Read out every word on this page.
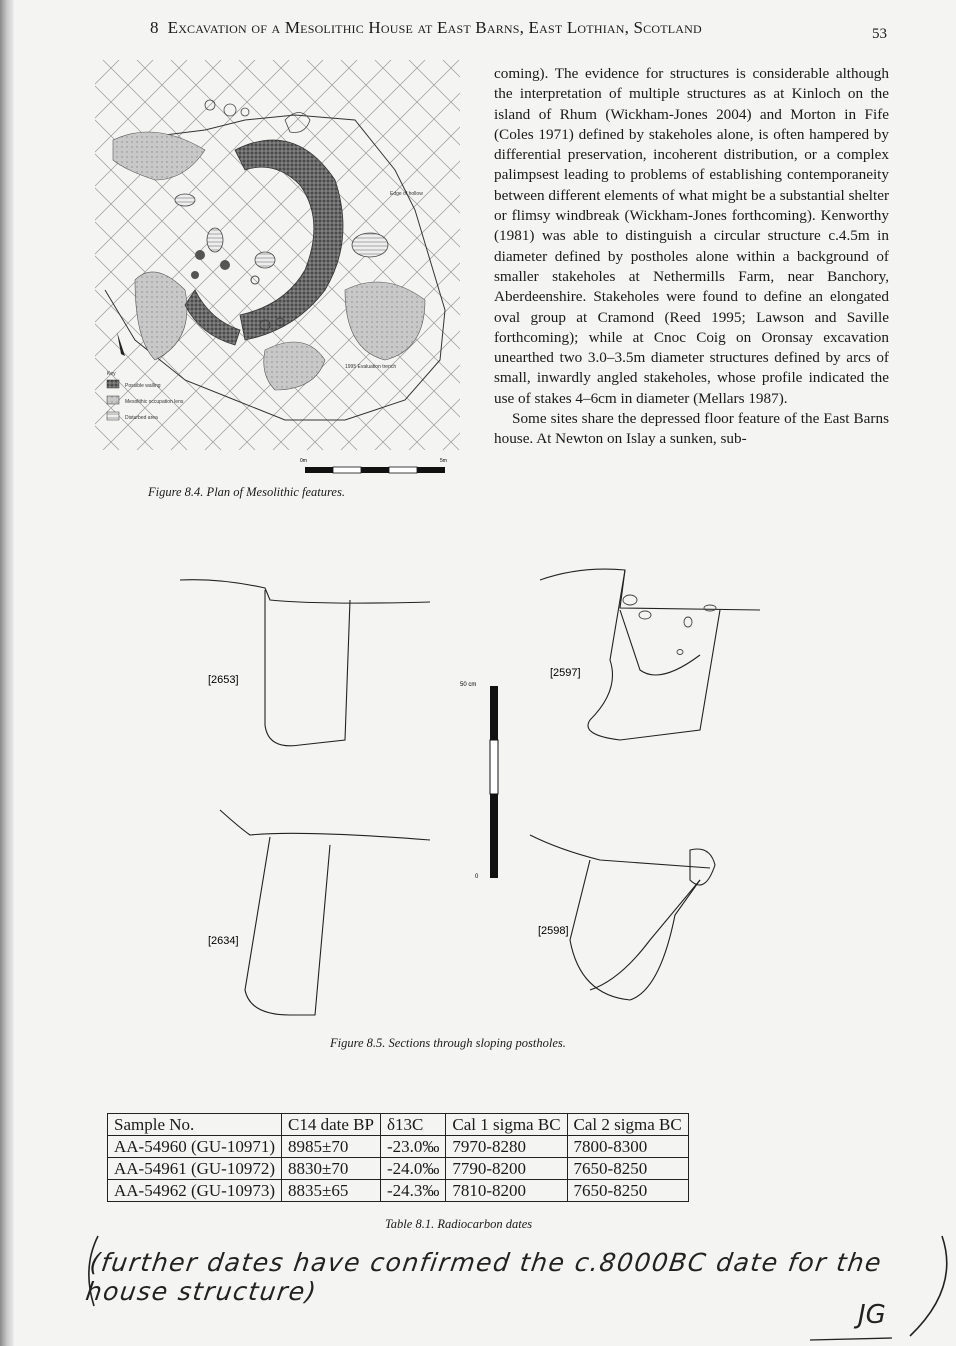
8 Excavation of a Mesolithic House at East Barns, East Lothian, Scotland	53
Edge of hollow
1995 Evaluation trench
Key
Possible walling
Mesolithic occupation lens
Disturbed area
0m	5m
Figure 8.4. Plan of Mesolithic features.

coming). The evidence for structures is considerable although the interpretation of multiple structures as at Kinloch on the island of Rhum (Wickham-Jones 2004) and Morton in Fife (Coles 1971) defined by stakeholes alone, is often hampered by differential preservation, incoherent distribution, or a complex palimpsest leading to problems of establishing contemporaneity between different elements of what might be a substantial shelter or flimsy windbreak (Wickham-Jones forthcoming). Kenworthy (1981) was able to distinguish a circular structure c.4.5m in diameter defined by postholes alone within a background of smaller stakeholes at Nethermills Farm, near Banchory, Aberdeenshire. Stakeholes were found to define an elongated oval group at Cramond (Reed 1995; Lawson and Saville forthcoming); while at Cnoc Coig on Oronsay excavation unearthed two 3.0–3.5m diameter structures defined by arcs of small, inwardly angled stakeholes, whose profile indicated the use of stakes 4–6cm in diameter (Mellars 1987).

Some sites share the depressed floor feature of the East Barns house. At Newton on Islay a sunken, sub-

50 cm
0
[2653]
[2597]
[2634]
[2598]
Figure 8.5. Sections through sloping postholes.
Sample No.	C14 date BP	δ13C	Cal 1 sigma BC	Cal 2 sigma BC
AA-54960 (GU-10971)	8985±70	-23.0‰	7970-8280	7800-8300
AA-54961 (GU-10972)	8830±70	-24.0‰	7790-8200	7650-8250
AA-54962 (GU-10973)	8835±65	-24.3‰	7810-8200	7650-8250
Table 8.1. Radiocarbon dates
(further dates have confirmed the c.8000BC date for the house structure)
JG
